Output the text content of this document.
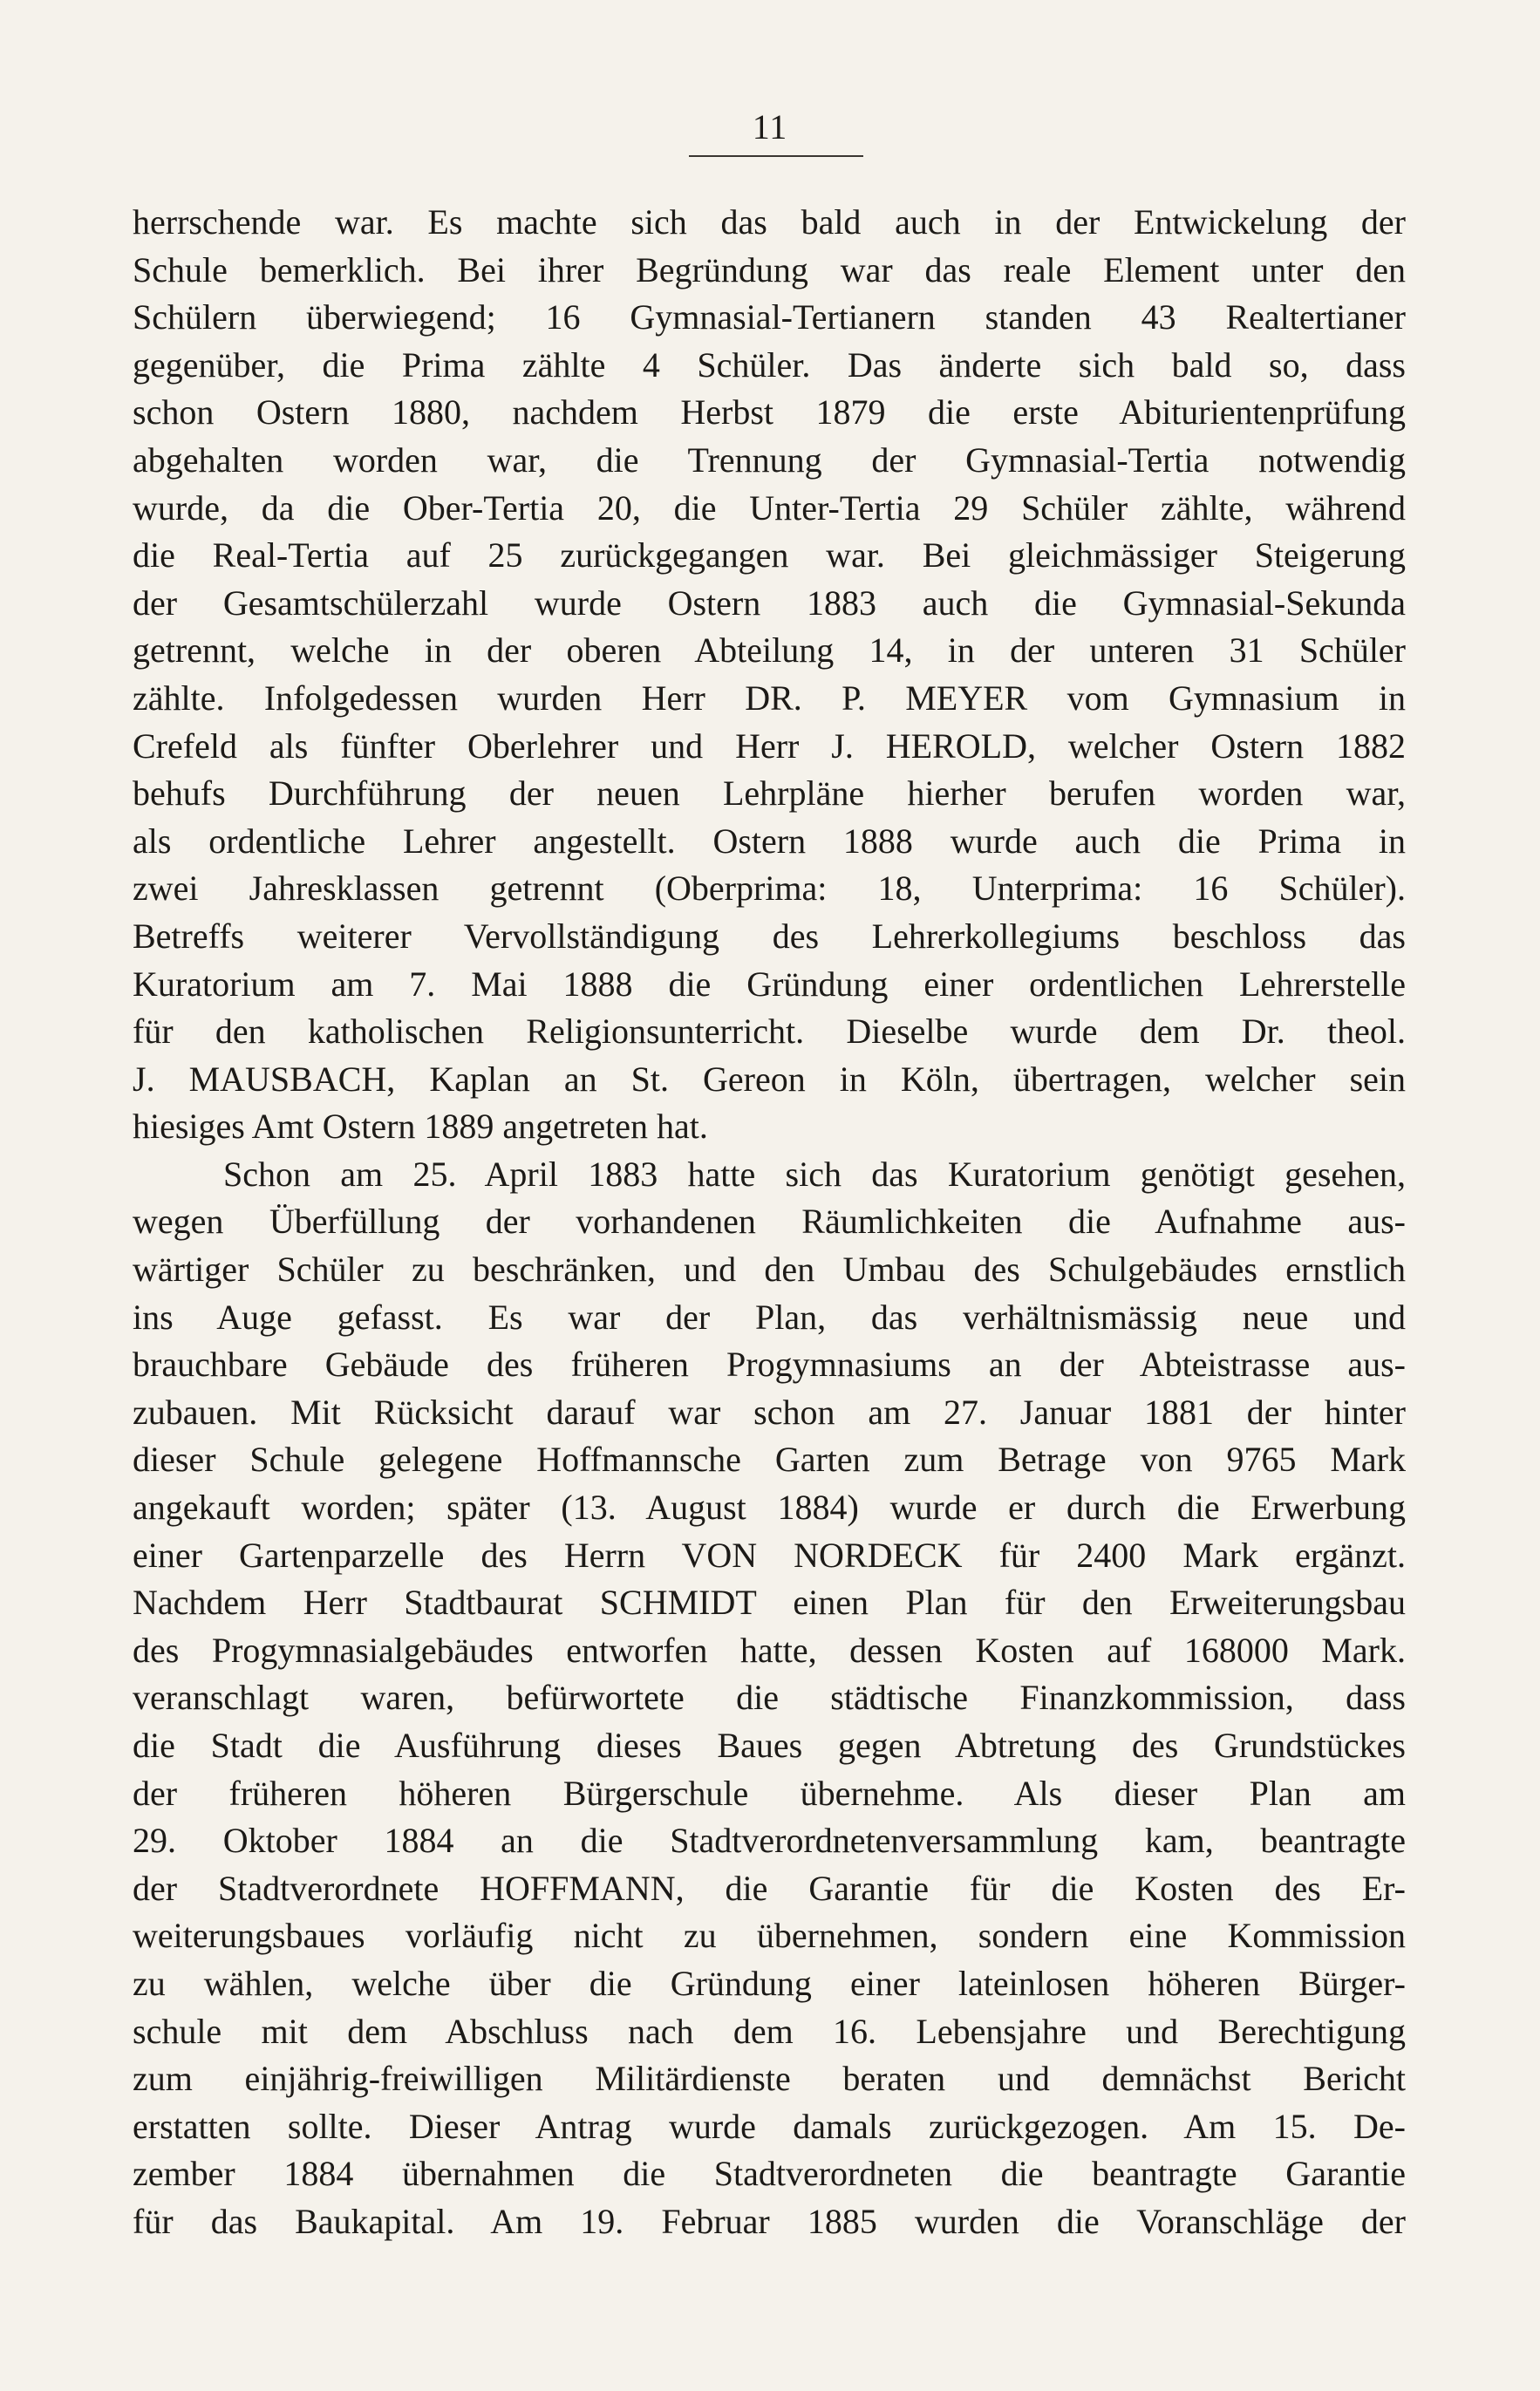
11
herrschende war. Es machte sich das bald auch in der Entwickelung der
Schule bemerklich. Bei ihrer Begründung war das reale Element unter den
Schülern überwiegend; 16 Gymnasial-Tertianern standen 43 Realtertianer
gegenüber, die Prima zählte 4 Schüler. Das änderte sich bald so, dass
schon Ostern 1880, nachdem Herbst 1879 die erste Abiturientenprüfung
abgehalten worden war, die Trennung der Gymnasial-Tertia notwendig
wurde, da die Ober-Tertia 20, die Unter-Tertia 29 Schüler zählte, während
die Real-Tertia auf 25 zurückgegangen war. Bei gleichmässiger Steigerung
der Gesamtschülerzahl wurde Ostern 1883 auch die Gymnasial-Sekunda
getrennt, welche in der oberen Abteilung 14, in der unteren 31 Schüler
zählte. Infolgedessen wurden Herr DR. P. MEYER vom Gymnasium in
Crefeld als fünfter Oberlehrer und Herr J. HEROLD, welcher Ostern 1882
behufs Durchführung der neuen Lehrpläne hierher berufen worden war,
als ordentliche Lehrer angestellt. Ostern 1888 wurde auch die Prima in
zwei Jahresklassen getrennt (Oberprima: 18, Unterprima: 16 Schüler).
Betreffs weiterer Vervollständigung des Lehrerkollegiums beschloss das
Kuratorium am 7. Mai 1888 die Gründung einer ordentlichen Lehrerstelle
für den katholischen Religionsunterricht. Dieselbe wurde dem Dr. theol.
J. MAUSBACH, Kaplan an St. Gereon in Köln, übertragen, welcher sein
hiesiges Amt Ostern 1889 angetreten hat.
Schon am 25. April 1883 hatte sich das Kuratorium genötigt gesehen,
wegen Überfüllung der vorhandenen Räumlichkeiten die Aufnahme aus-
wärtiger Schüler zu beschränken, und den Umbau des Schulgebäudes ernstlich
ins Auge gefasst. Es war der Plan, das verhältnismässig neue und
brauchbare Gebäude des früheren Progymnasiums an der Abteistrasse aus-
zubauen. Mit Rücksicht darauf war schon am 27. Januar 1881 der hinter
dieser Schule gelegene Hoffmannsche Garten zum Betrage von 9765 Mark
angekauft worden; später (13. August 1884) wurde er durch die Erwerbung
einer Gartenparzelle des Herrn VON NORDECK für 2400 Mark ergänzt.
Nachdem Herr Stadtbaurat SCHMIDT einen Plan für den Erweiterungsbau
des Progymnasialgebäudes entworfen hatte, dessen Kosten auf 168000 Mark.
veranschlagt waren, befürwortete die städtische Finanzkommission, dass
die Stadt die Ausführung dieses Baues gegen Abtretung des Grundstückes
der früheren höheren Bürgerschule übernehme. Als dieser Plan am
29. Oktober 1884 an die Stadtverordnetenversammlung kam, beantragte
der Stadtverordnete HOFFMANN, die Garantie für die Kosten des Er-
weiterungsbaues vorläufig nicht zu übernehmen, sondern eine Kommission
zu wählen, welche über die Gründung einer lateinlosen höheren Bürger-
schule mit dem Abschluss nach dem 16. Lebensjahre und Berechtigung
zum einjährig-freiwilligen Militärdienste beraten und demnächst Bericht
erstatten sollte. Dieser Antrag wurde damals zurückgezogen. Am 15. De-
zember 1884 übernahmen die Stadtverordneten die beantragte Garantie
für das Baukapital. Am 19. Februar 1885 wurden die Voranschläge der
